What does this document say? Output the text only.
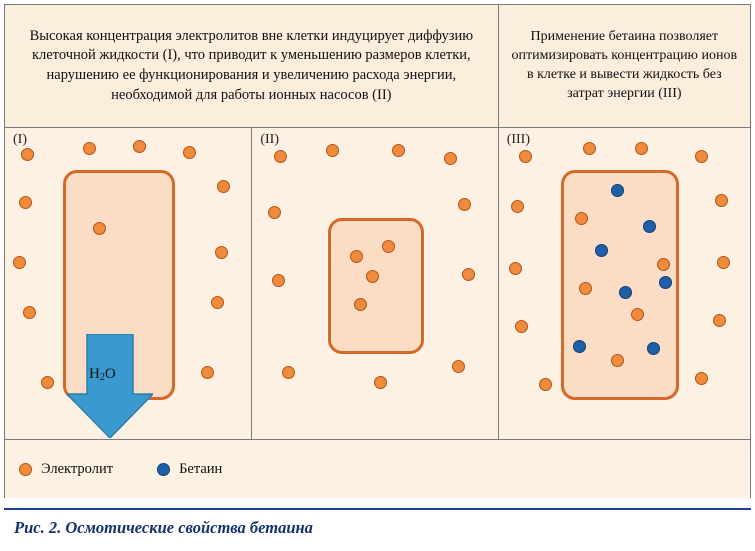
Высокая концентрация электролитов вне клетки индуцирует диффузию клеточной жидкости (I), что приводит к уменьшению размеров клетки, нарушению ее функционирования и увеличению расхода энергии, необходимой для работы ионных насосов (II)
Применение бетаина позволяет оптимизировать концентрацию ионов в клетке и вывести жидкость без затрат энергии (III)
(I)
$H_2O$
(II)	(III)
Электролит	Бетаин
Рис. 2. Осмотические свойства бетаина
